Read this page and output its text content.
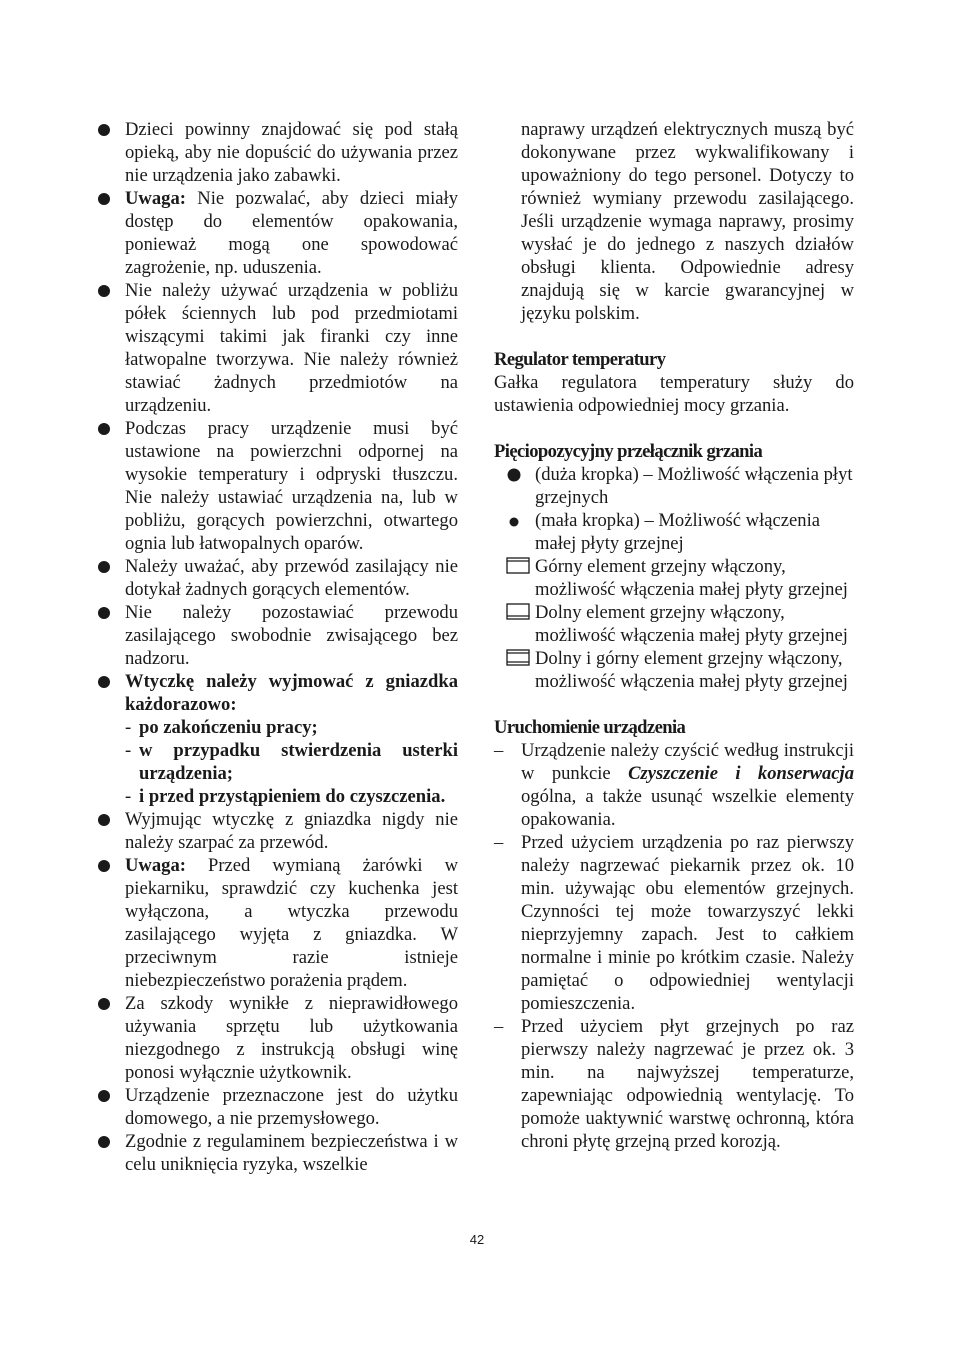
Dzieci powinny znajdować się pod stałą opieką, aby nie dopuścić do używania przez nie urządzenia jako zabawki.
Uwaga: Nie pozwalać, aby dzieci miały dostęp do elementów opakowania, ponieważ mogą one spowodować zagrożenie, np. uduszenia.
Nie należy używać urządzenia w pobliżu półek ściennych lub pod przedmiotami wiszącymi takimi jak firanki czy inne łatwopalne tworzywa. Nie należy również stawiać żadnych przedmiotów na urządzeniu.
Podczas pracy urządzenie musi być ustawione na powierzchni odpornej na wysokie temperatury i odpryski tłuszczu. Nie należy ustawiać urządzenia na, lub w pobliżu, gorących powierzchni, otwartego ognia lub łatwopalnych oparów.
Należy uważać, aby przewód zasilający nie dotykał żadnych gorących elementów.
Nie należy pozostawiać przewodu zasilającego swobodnie zwisającego bez nadzoru.
Wtyczkę należy wyjmować z gniazdka każdorazowo:
- po zakończeniu pracy;
- w przypadku stwierdzenia usterki urządzenia;
- i przed przystąpieniem do czyszczenia.
Wyjmując wtyczkę z gniazdka nigdy nie należy szarpać za przewód.
Uwaga: Przed wymianą żarówki w piekarniku, sprawdzić czy kuchenka jest wyłączona, a wtyczka przewodu zasilającego wyjęta z gniazdka. W przeciwnym razie istnieje niebezpieczeństwo porażenia prądem.
Za szkody wynikłe z nieprawidłowego używania sprzętu lub użytkowania niezgodnego z instrukcją obsługi winę ponosi wyłącznie użytkownik.
Urządzenie przeznaczone jest do użytku domowego, a nie przemysłowego.
Zgodnie z regulaminem bezpieczeństwa i w celu uniknięcia ryzyka, wszelkie
naprawy urządzeń elektrycznych muszą być dokonywane przez wykwalifikowany i upoważniony do tego personel. Dotyczy to również wymiany przewodu zasilającego. Jeśli urządzenie wymaga naprawy, prosimy wysłać je do jednego z naszych działów obsługi klienta. Odpowiednie adresy znajdują się w karcie gwarancyjnej w języku polskim.
Regulator temperatury
Gałka regulatora temperatury służy do ustawienia odpowiedniej mocy grzania.
Pięciopozycyjny przełącznik grzania
(duża kropka) – Możliwość włączenia płyt grzejnych
(mała kropka) – Możliwość włączenia małej płyty grzejnej
Górny element grzejny włączony, możliwość włączenia małej płyty grzejnej
Dolny element grzejny włączony, możliwość włączenia małej płyty grzejnej
Dolny i górny element grzejny włączony, możliwość włączenia małej płyty grzejnej
Uruchomienie urządzenia
– Urządzenie należy czyścić według instrukcji w punkcie Czyszczenie i konserwacja ogólna, a także usunąć wszelkie elementy opakowania.
– Przed użyciem urządzenia po raz pierwszy należy nagrzewać piekarnik przez ok. 10 min. używając obu elementów grzejnych. Czynności tej może towarzyszyć lekki nieprzyjemny zapach. Jest to całkiem normalne i minie po krótkim czasie. Należy pamiętać o odpowiedniej wentylacji pomieszczenia.
– Przed użyciem płyt grzejnych po raz pierwszy należy nagrzewać je przez ok. 3 min. na najwyższej temperaturze, zapewniając odpowiednią wentylację. To pomoże uaktywnić warstwę ochronną, która chroni płytę grzejną przed korozją.
42
